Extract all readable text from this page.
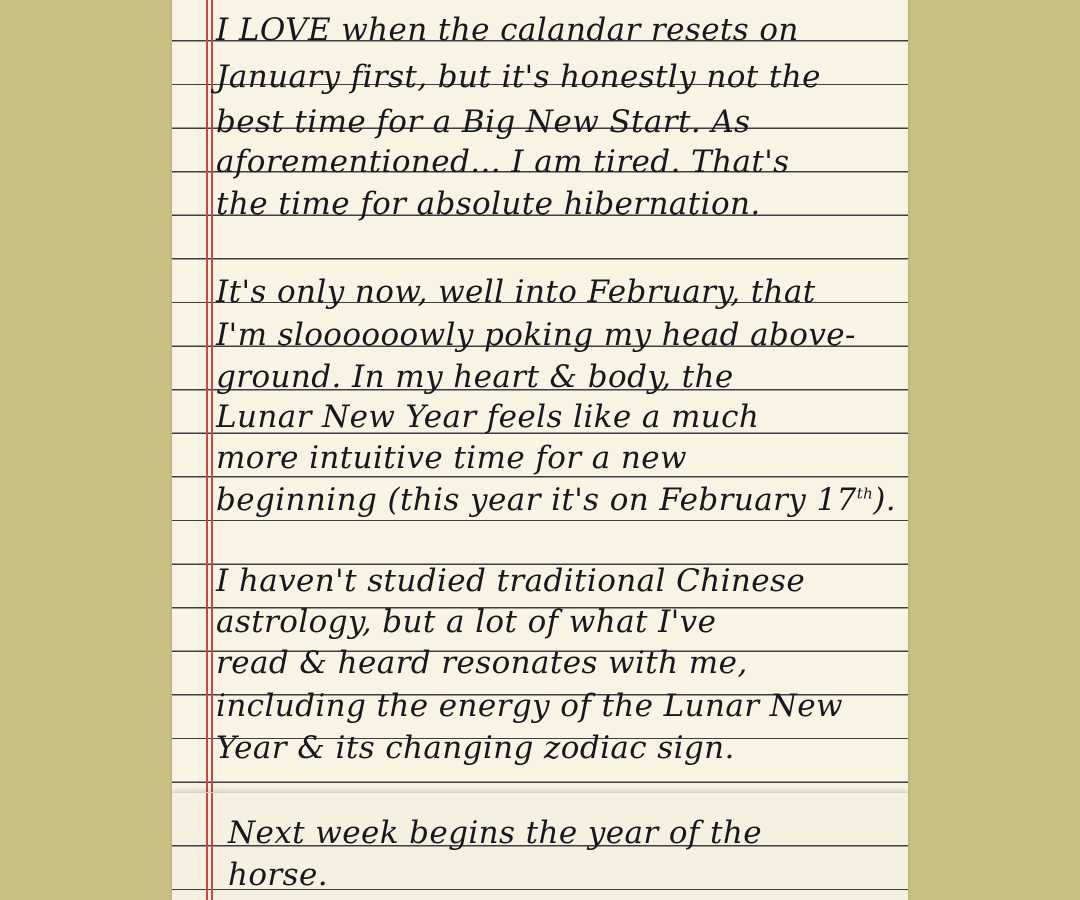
I LOVE when the calandar resets on

January first, but it's honestly not the

best time for a Big New Start. As

aforementioned... I am tired. That's

the time for absolute hibernation.

It's only now, well into February, that

I'm sloooooowly poking my head above-

ground. In my heart & body, the

Lunar New Year feels like a much

more intuitive time for a new

beginning (this year it's on February 17th).

I haven't studied traditional Chinese

astrology, but a lot of what I've

read & heard resonates with me,

including the energy of the Lunar New

Year & its changing zodiac sign.

Next week begins the year of the

horse.
